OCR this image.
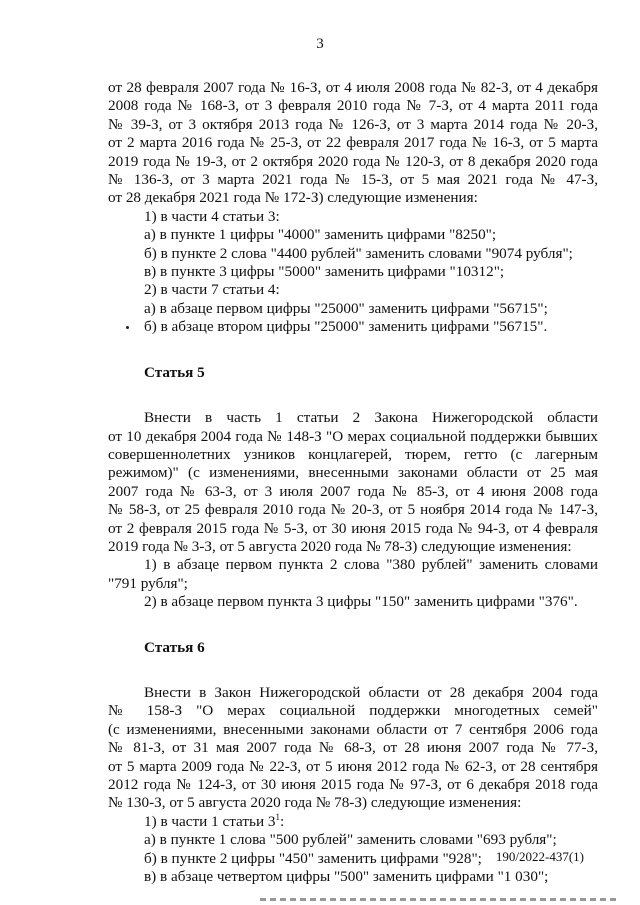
3
от 28 февраля 2007 года № 16-З, от 4 июля 2008 года № 82-З, от 4 декабря
2008 года № 168-З, от 3 февраля 2010 года № 7-З, от 4 марта 2011 года
№ 39-З, от 3 октября 2013 года № 126-З, от 3 марта 2014 года № 20-З,
от 2 марта 2016 года № 25-З, от 22 февраля 2017 года № 16-З, от 5 марта
2019 года № 19-З, от 2 октября 2020 года № 120-З, от 8 декабря 2020 года
№ 136-З, от 3 марта 2021 года № 15-З, от 5 мая 2021 года № 47-З,
от 28 декабря 2021 года № 172-З) следующие изменения:
1) в части 4 статьи 3:
а) в пункте 1 цифры "4000" заменить цифрами "8250";
б) в пункте 2 слова "4400 рублей" заменить словами "9074 рубля";
в) в пункте 3 цифры "5000" заменить цифрами "10312";
2) в части 7 статьи 4:
а) в абзаце первом цифры "25000" заменить цифрами "56715";
б) в абзаце втором цифры "25000" заменить цифрами "56715".
Статья 5
Внести в часть 1 статьи 2 Закона Нижегородской области
от 10 декабря 2004 года № 148-З "О мерах социальной поддержки бывших
совершеннолетних узников концлагерей, тюрем, гетто (с лагерным
режимом)" (с изменениями, внесенными законами области от 25 мая
2007 года № 63-З, от 3 июля 2007 года № 85-З, от 4 июня 2008 года
№ 58-З, от 25 февраля 2010 года № 20-З, от 5 ноября 2014 года № 147-З,
от 2 февраля 2015 года № 5-З, от 30 июня 2015 года № 94-З, от 4 февраля
2019 года № 3-З, от 5 августа 2020 года № 78-З) следующие изменения:
1) в абзаце первом пункта 2 слова "380 рублей" заменить словами
"791 рубля";
2) в абзаце первом пункта 3 цифры "150" заменить цифрами "376".
Статья 6
Внести в Закон Нижегородской области от 28 декабря 2004 года
№ 158-З "О мерах социальной поддержки многодетных семей"
(с изменениями, внесенными законами области от 7 сентября 2006 года
№ 81-З, от 31 мая 2007 года № 68-З, от 28 июня 2007 года № 77-З,
от 5 марта 2009 года № 22-З, от 5 июня 2012 года № 62-З, от 28 сентября
2012 года № 124-З, от 30 июня 2015 года № 97-З, от 6 декабря 2018 года
№ 130-З, от 5 августа 2020 года № 78-З) следующие изменения:
1) в части 1 статьи $3^1$:
а) в пункте 1 слова "500 рублей" заменить словами "693 рубля";
б) в пункте 2 цифры "450" заменить цифрами "928";
в) в абзаце четвертом цифры "500" заменить цифрами "1 030";
190/2022-437(1)
